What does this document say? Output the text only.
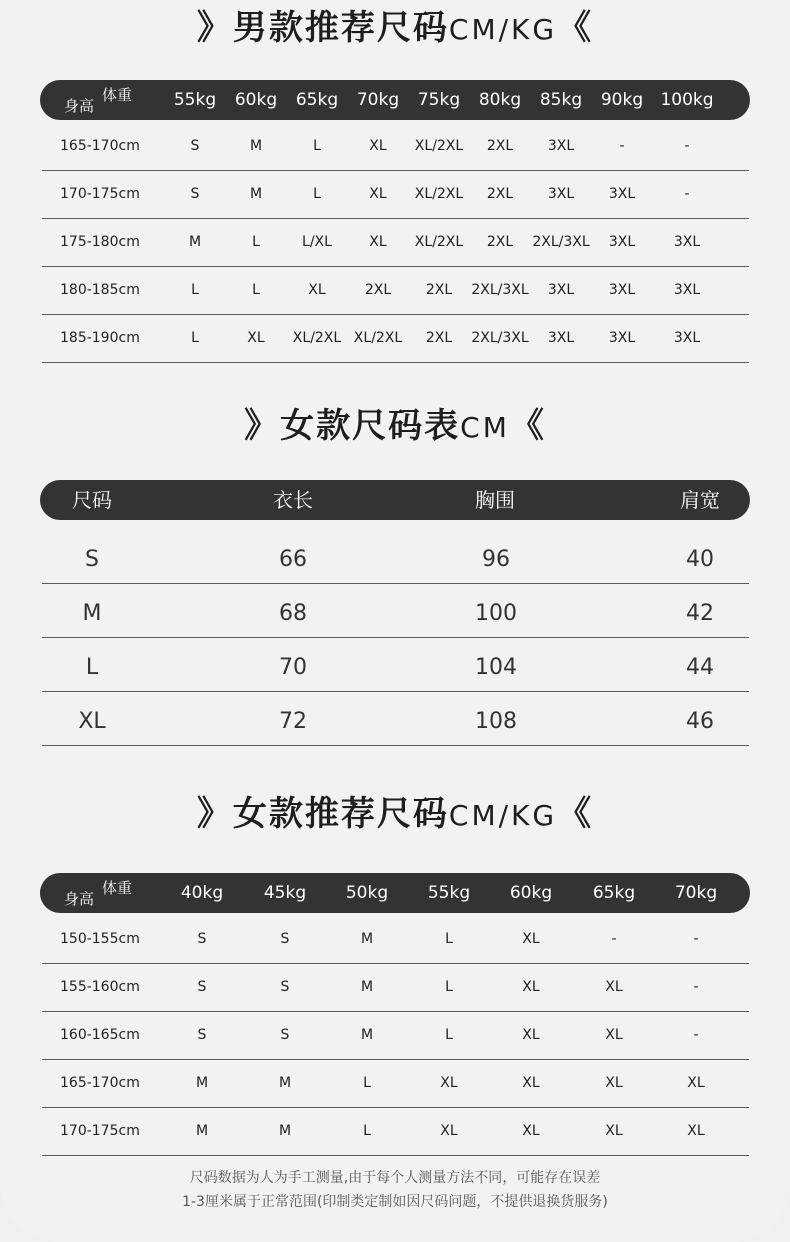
》男款推荐尺码CM/KG《
体重
身高	55kg	60kg	65kg	70kg	75kg	80kg	85kg	90kg	100kg
165-170cm	S	M	L	XL	XL/2XL	2XL	3XL	-	-
170-175cm	S	M	L	XL	XL/2XL	2XL	3XL	3XL	-
175-180cm	M	L	L/XL	XL	XL/2XL	2XL	2XL/3XL	3XL	3XL
180-185cm	L	L	XL	2XL	2XL	2XL/3XL	3XL	3XL	3XL
185-190cm	L	XL	XL/2XL XL/2XL	2XL	2XL/3XL	3XL	3XL	3XL
》女款尺码表CM《
尺码	衣长	胸围	肩宽
S	66	96	40
M	68	100	42
L	70	104	44
XL	72	108	46
》女款推荐尺码CM/KG《
体重
身高	40kg	45kg	50kg	55kg	60kg	65kg	70kg
150-155cm	S	S	M	L	XL	-	-
155-160cm	S	S	M	L	XL	XL	-
160-165cm	S	S	M	L	XL	XL	-
165-170cm	M	M	L	XL	XL	XL	XL
170-175cm	M	M	L	XL	XL	XL	XL
尺码数据为人为手工测量,由于每个人测量方法不同，可能存在误差
1-3厘米属于正常范围(印制类定制如因尺码问题，不提供退换货服务)
